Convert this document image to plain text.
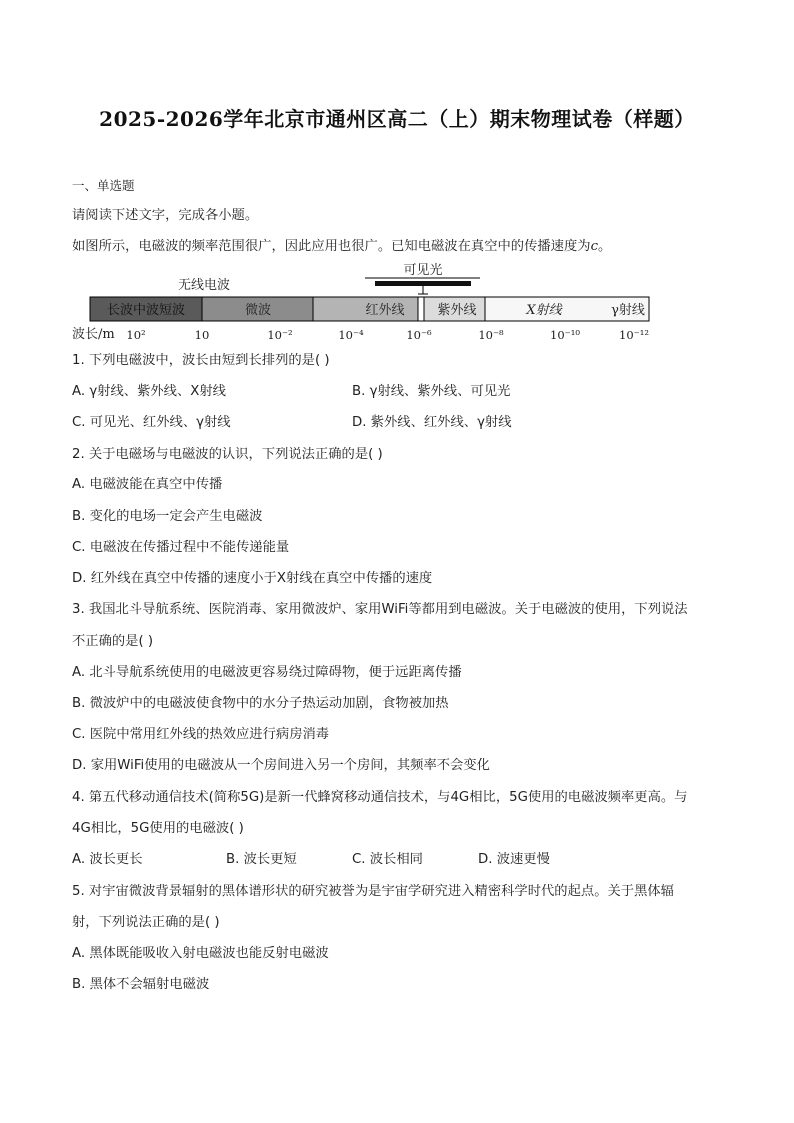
2025-2026学年北京市通州区高二（上）期末物理试卷（样题）
一、单选题
请阅读下述文字，完成各小题。
如图所示，电磁波的频率范围很广，因此应用也很广。已知电磁波在真空中的传播速度为c。
可见光
无线电波
长波中波短波	微波	红外线	紫外线	X射线	γ射线
波长/m 10²	10	10⁻²	10⁻⁴	10⁻⁶	10⁻⁸	10⁻¹⁰	10⁻¹²
1. 下列电磁波中，波长由短到长排列的是( )
A. γ射线、紫外线、X射线	B. γ射线、紫外线、可见光
C. 可见光、红外线、γ射线	D. 紫外线、红外线、γ射线
2. 关于电磁场与电磁波的认识，下列说法正确的是( )
A. 电磁波能在真空中传播
B. 变化的电场一定会产生电磁波
C. 电磁波在传播过程中不能传递能量
D. 红外线在真空中传播的速度小于X射线在真空中传播的速度
3. 我国北斗导航系统、医院消毒、家用微波炉、家用WiFi等都用到电磁波。关于电磁波的使用，下列说法
不正确的是( )
A. 北斗导航系统使用的电磁波更容易绕过障碍物，便于远距离传播
B. 微波炉中的电磁波使食物中的水分子热运动加剧，食物被加热
C. 医院中常用红外线的热效应进行病房消毒
D. 家用WiFi使用的电磁波从一个房间进入另一个房间，其频率不会变化
4. 第五代移动通信技术(简称5G)是新一代蜂窝移动通信技术，与4G相比，5G使用的电磁波频率更高。与
4G相比，5G使用的电磁波( )
A. 波长更长	B. 波长更短	C. 波长相同	D. 波速更慢
5. 对宇宙微波背景辐射的黑体谱形状的研究被誉为是宇宙学研究进入精密科学时代的起点。关于黑体辐
射，下列说法正确的是( )
A. 黑体既能吸收入射电磁波也能反射电磁波
B. 黑体不会辐射电磁波
